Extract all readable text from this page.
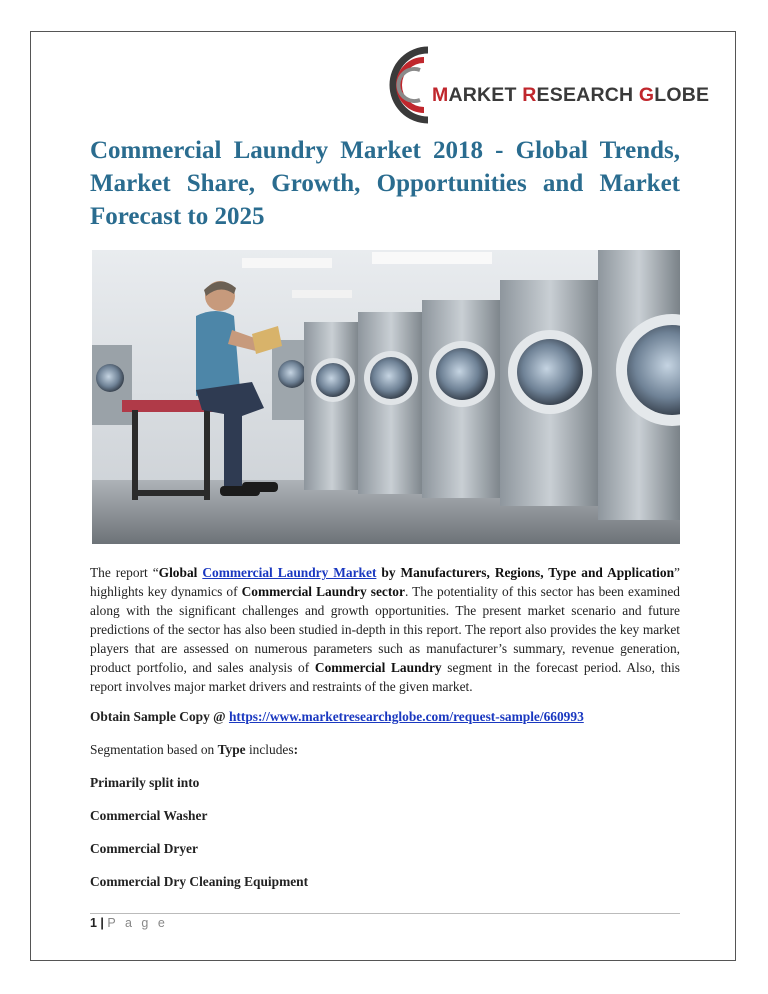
MARKET RESEARCH GLOBE
Commercial Laundry Market 2018 - Global Trends, Market Share, Growth, Opportunities and Market Forecast to 2025

The report “Global Commercial Laundry Market by Manufacturers, Regions, Type and Application” highlights key dynamics of Commercial Laundry sector. The potentiality of this sector has been examined along with the significant challenges and growth opportunities. The present market scenario and future predictions of the sector has also been studied in-depth in this report. The report also provides the key market players that are assessed on numerous parameters such as manufacturer’s summary, revenue generation, product portfolio, and sales analysis of Commercial Laundry segment in the forecast period. Also, this report involves major market drivers and restraints of the given market.

Obtain Sample Copy @ https://www.marketresearchglobe.com/request-sample/660993

Segmentation based on Type includes:

Primarily split into

Commercial Washer

Commercial Dryer

Commercial Dry Cleaning Equipment

1 | P a g e
